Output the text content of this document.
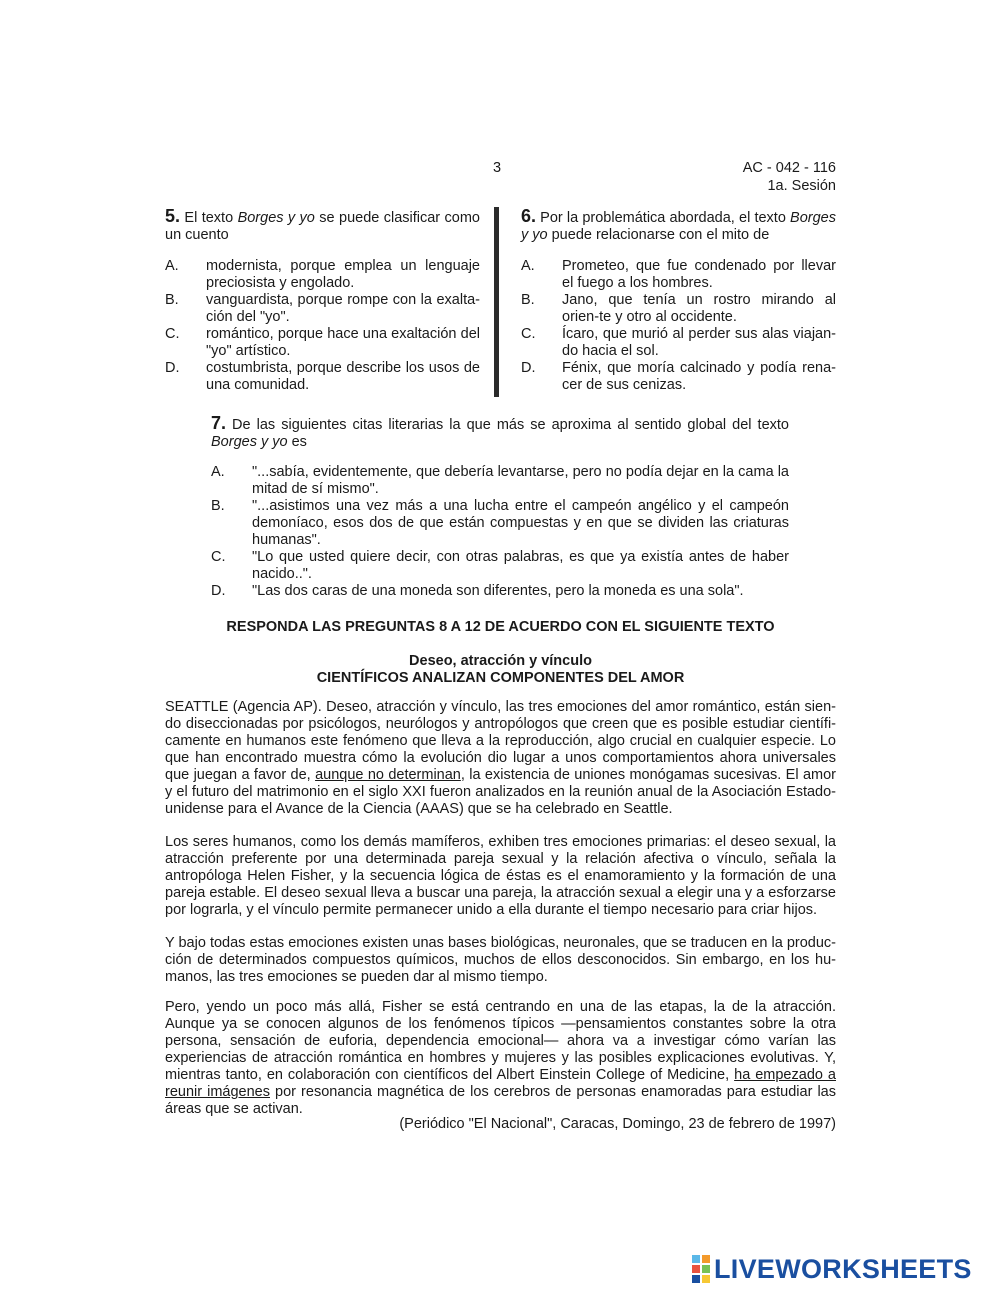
3	AC - 042 - 116
1a. Sesión
5. El texto Borges y yo se puede clasificar como un cuento
A. modernista, porque emplea un lenguaje preciosista y engolado.
B. vanguardista, porque rompe con la exalta-ción del "yo".
C. romántico, porque hace una exaltación del "yo" artístico.
D. costumbrista, porque describe los usos de una comunidad.
6. Por la problemática abordada, el texto Borges y yo puede relacionarse con el mito de
A. Prometeo, que fue condenado por llevar el fuego a los hombres.
B. Jano, que tenía un rostro mirando al orien-te y otro al occidente.
C. Ícaro, que murió al perder sus alas viajan-do hacia el sol.
D. Fénix, que moría calcinado y podía rena-cer de sus cenizas.
7. De las siguientes citas literarias la que más se aproxima al sentido global del texto Borges y yo es
A. "...sabía, evidentemente, que debería levantarse, pero no podía dejar en la cama la mitad de sí mismo".
B. "...asistimos una vez más a una lucha entre el campeón angélico y el campeón demoníaco, esos dos de que están compuestas y en que se dividen las criaturas humanas".
C. "Lo que usted quiere decir, con otras palabras, es que ya existía antes de haber nacido..".
D. "Las dos caras de una moneda son diferentes, pero la moneda es una sola".
RESPONDA LAS PREGUNTAS 8 A 12 DE ACUERDO CON EL SIGUIENTE TEXTO
Deseo, atracción y vínculo
CIENTÍFICOS ANALIZAN COMPONENTES DEL AMOR
SEATTLE (Agencia AP). Deseo, atracción y vínculo, las tres emociones del amor romántico, están sien-do diseccionadas por psicólogos, neurólogos y antropólogos que creen que es posible estudiar científi-camente en humanos este fenómeno que lleva a la reproducción, algo crucial en cualquier especie. Lo que han encontrado muestra cómo la evolución dio lugar a unos comportamientos ahora universales que juegan a favor de, aunque no determinan, la existencia de uniones monógamas sucesivas. El amor y el futuro del matrimonio en el siglo XXI fueron analizados en la reunión anual de la Asociación Estado-unidense para el Avance de la Ciencia (AAAS) que se ha celebrado en Seattle.
Los seres humanos, como los demás mamíferos, exhiben tres emociones primarias: el deseo sexual, la atracción preferente por una determinada pareja sexual y la relación afectiva o vínculo, señala la antropóloga Helen Fisher, y la secuencia lógica de éstas es el enamoramiento y la formación de una pareja estable. El deseo sexual lleva a buscar una pareja, la atracción sexual a elegir una y a esforzarse por lograrla, y el vínculo permite permanecer unido a ella durante el tiempo necesario para criar hijos.
Y bajo todas estas emociones existen unas bases biológicas, neuronales, que se traducen en la produc-ción de determinados compuestos químicos, muchos de ellos desconocidos. Sin embargo, en los hu-manos, las tres emociones se pueden dar al mismo tiempo.
Pero, yendo un poco más allá, Fisher se está centrando en una de las etapas, la de la atracción. Aunque ya se conocen algunos de los fenómenos típicos —pensamientos constantes sobre la otra persona, sensación de euforia, dependencia emocional— ahora va a investigar cómo varían las experiencias de atracción romántica en hombres y mujeres y las posibles explicaciones evolutivas. Y, mientras tanto, en colaboración con científicos del Albert Einstein College of Medicine, ha empezado a reunir imágenes por resonancia magnética de los cerebros de personas enamoradas para estudiar las áreas que se activan.
(Periódico "El Nacional", Caracas, Domingo, 23 de febrero de 1997)
LIVEWORKSHEETS
